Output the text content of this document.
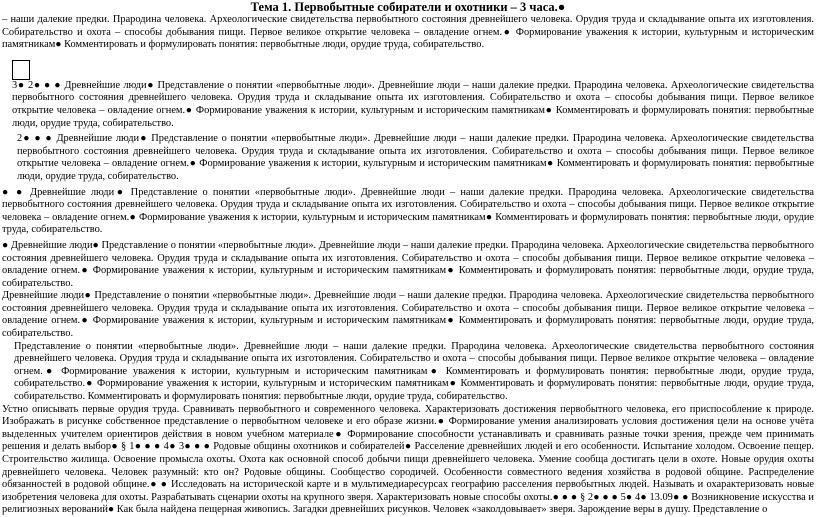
Тема 1. Первобытные собиратели и охотники – 3 часа.●

– наши далекие предки. Прародина человека. Археологические свидетельства первобытного состояния древнейшего человека. Орудия труда и складывание опыта их изготовления. Собирательство и охота – способы добывания пищи. Первое великое открытие человека – овладение огнем.● Формирование уважения к истории, культурным и историческим памятникам● Комментировать и формулировать понятия: первобытные люди, орудие труда, собирательство.

3● 2● ● ● Древнейшие люди● Представление о понятии «первобытные люди». Древнейшие люди – наши далекие предки. Прародина человека. Археологические свидетельства первобытного состояния древнейшего человека. Орудия труда и складывание опыта их изготовления. Собирательство и охота – способы добывания пищи. Первое великое открытие человека – овладение огнем.● Формирование уважения к истории, культурным и историческим памятникам● Комментировать и формулировать понятия: первобытные люди, орудие труда, собирательство.

2● ● ● Древнейшие люди● Представление о понятии «первобытные люди». Древнейшие люди – наши далекие предки. Прародина человека. Археологические свидетельства первобытного состояния древнейшего человека. Орудия труда и складывание опыта их изготовления. Собирательство и охота – способы добывания пищи. Первое великое открытие человека – овладение огнем.● Формирование уважения к истории, культурным и историческим памятникам● Комментировать и формулировать понятия: первобытные люди, орудие труда, собирательство.

● ● Древнейшие люди● Представление о понятии «первобытные люди». Древнейшие люди – наши далекие предки. Прародина человека. Археологические свидетельства первобытного состояния древнейшего человека. Орудия труда и складывание опыта их изготовления. Собирательство и охота – способы добывания пищи. Первое великое открытие человека – овладение огнем.● Формирование уважения к истории, культурным и историческим памятникам● Комментировать и формулировать понятия: первобытные люди, орудие труда, собирательство.

● Древнейшие люди● Представление о понятии «первобытные люди». Древнейшие люди – наши далекие предки. Прародина человека. Археологические свидетельства первобытного состояния древнейшего человека. Орудия труда и складывание опыта их изготовления. Собирательство и охота – способы добывания пищи. Первое великое открытие человека – овладение огнем.● Формирование уважения к истории, культурным и историческим памятникам● Комментировать и формулировать понятия: первобытные люди, орудие труда, собирательство.

Древнейшие люди● Представление о понятии «первобытные люди». Древнейшие люди – наши далекие предки. Прародина человека. Археологические свидетельства первобытного состояния древнейшего человека. Орудия труда и складывание опыта их изготовления. Собирательство и охота – способы добывания пищи. Первое великое открытие человека – овладение огнем.● Формирование уважения к истории, культурным и историческим памятникам● Комментировать и формулировать понятия: первобытные люди, орудие труда, собирательство.

Представление о понятии «первобытные люди». Древнейшие люди – наши далекие предки. Прародина человека. Археологические свидетельства первобытного состояния древнейшего человека. Орудия труда и складывание опыта их изготовления. Собирательство и охота – способы добывания пищи. Первое великое открытие человека – овладение огнем.● Формирование уважения к истории, культурным и историческим памятникам● Комментировать и формулировать понятия: первобытные люди, орудие труда, собирательство.● Формирование уважения к истории, культурным и историческим памятникам● Комментировать и формулировать понятия: первобытные люди, орудие труда, собирательство. Комментировать и формулировать понятия: первобытные люди, орудие труда, собирательство.

Устно описывать первые орудия труда. Сравнивать первобытного и современного человека. Характеризовать достижения первобытного человека, его приспособление к природе. Изображать в рисунке собственное представление о первобытном человеке и его образе жизни.● Формирование умения анализировать условия достижения цели на основе учёта выделенных учителем ориентиров действия в новом учебном материале● Формирование способности устанавливать и сравнивать разные точки зрения, прежде чем принимать решения и делать выбор● § 1● ● ● 4● 3● ● ● Родовые общины охотников и собирателей● Расселение древнейших людей и его особенности. Испытание холодом. Освоение пещер. Строительство жилища. Освоение промысла охоты. Охота как основной способ добычи пищи древнейшего человека. Умение сообща достигать цели в охоте. Новые орудия охоты древнейшего человека. Человек разумный: кто он? Родовые общины. Сообщество сородичей. Особенности совместного ведения хозяйства в родовой общине. Распределение обязанностей в родовой общине.● ● Исследовать на исторической карте и в мультимедиаресурсах географию расселения первобытных людей. Называть и охарактеризовать новые изобретения человека для охоты. Разрабатывать сценарии охоты на крупного зверя. Характеризовать новые способы охоты.● ● ● § 2● ● ● 5● 4● 13.09● ● Возникновение искусства и религиозных верований● Как была найдена пещерная живопись. Загадки древнейших рисунков. Человек «заколдовывает» зверя. Зарождение веры в душу. Представление о
